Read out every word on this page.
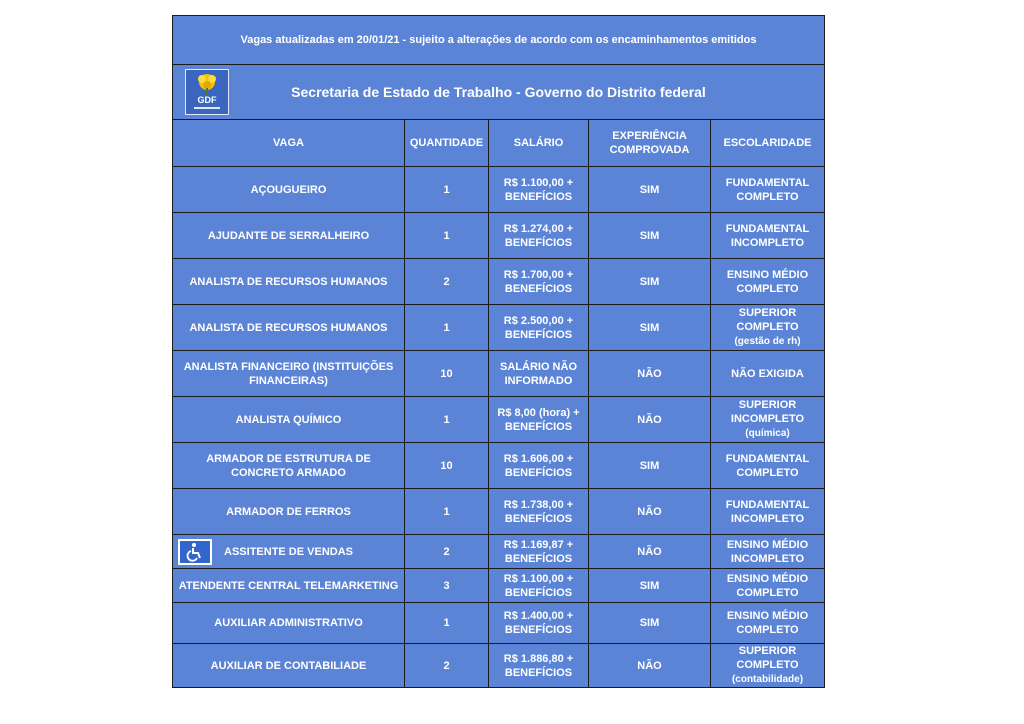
Vagas atualizadas em 20/01/21 - sujeito a alterações de acordo com os encaminhamentos emitidos				

GDF Secretaria de Estado de Trabalho - Governo do Distrito federal				

VAGA	QUANTIDADE	SALÁRIO	EXPERIÊNCIA COMPROVADA	ESCOLARIDADE
AÇOUGUEIRO	1	R$ 1.100,00 + BENEFÍCIOS	SIM	FUNDAMENTAL COMPLETO
AJUDANTE DE SERRALHEIRO	1	R$ 1.274,00 + BENEFÍCIOS	SIM	FUNDAMENTAL INCOMPLETO
ANALISTA DE RECURSOS HUMANOS	2	R$ 1.700,00 + BENEFÍCIOS	SIM	ENSINO MÉDIO COMPLETO
ANALISTA DE RECURSOS HUMANOS	1	R$ 2.500,00 + BENEFÍCIOS	SIM	SUPERIOR COMPLETO
(gestão de rh)
ANALISTA FINANCEIRO (INSTITUIÇÕES FINANCEIRAS)	10	SALÁRIO NÃO INFORMADO	NÃO	NÃO EXIGIDA
ANALISTA QUÍMICO	1	R$ 8,00 (hora) + BENEFÍCIOS	NÃO	SUPERIOR INCOMPLETO
(química)
ARMADOR DE ESTRUTURA DE CONCRETO ARMADO	10	R$ 1.606,00 + BENEFÍCIOS	SIM	FUNDAMENTAL COMPLETO
ARMADOR DE FERROS	1	R$ 1.738,00 + BENEFÍCIOS	NÃO	FUNDAMENTAL INCOMPLETO

ASSITENTE DE VENDAS	2	R$ 1.169,87 + BENEFÍCIOS	NÃO	ENSINO MÉDIO INCOMPLETO
ATENDENTE CENTRAL TELEMARKETING	3	R$ 1.100,00 + BENEFÍCIOS	SIM	ENSINO MÉDIO COMPLETO
AUXILIAR ADMINISTRATIVO	1	R$ 1.400,00 + BENEFÍCIOS	SIM	ENSINO MÉDIO COMPLETO
AUXILIAR DE CONTABILIADE	2	R$ 1.886,80 + BENEFÍCIOS	NÃO	SUPERIOR COMPLETO
(contabilidade)
